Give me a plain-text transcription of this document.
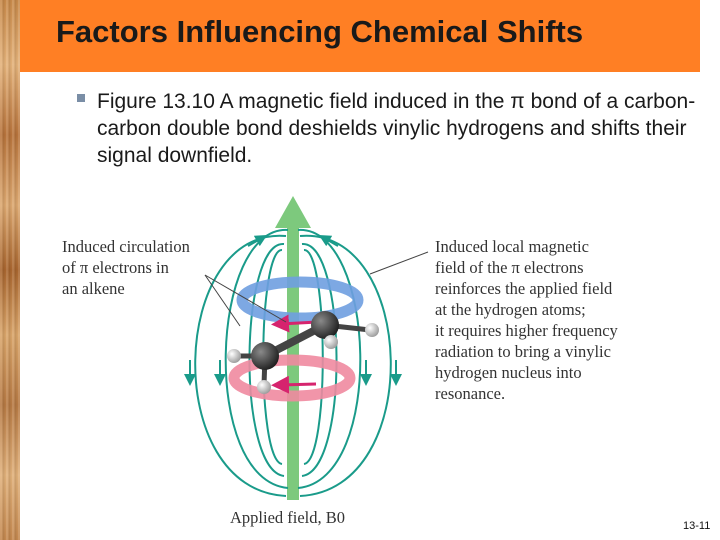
Factors Influencing Chemical Shifts
Figure 13.10 A magnetic field induced in the π bond of a carbon-carbon double bond deshields vinylic hydrogens and shifts their signal downfield.
Induced circulation
of π electrons in
an alkene
Induced local magnetic
field of the π electrons
reinforces the applied field
at the hydrogen atoms;
it requires higher frequency
radiation to bring a vinylic
hydrogen nucleus into
resonance.
Applied field, B0	13-11
